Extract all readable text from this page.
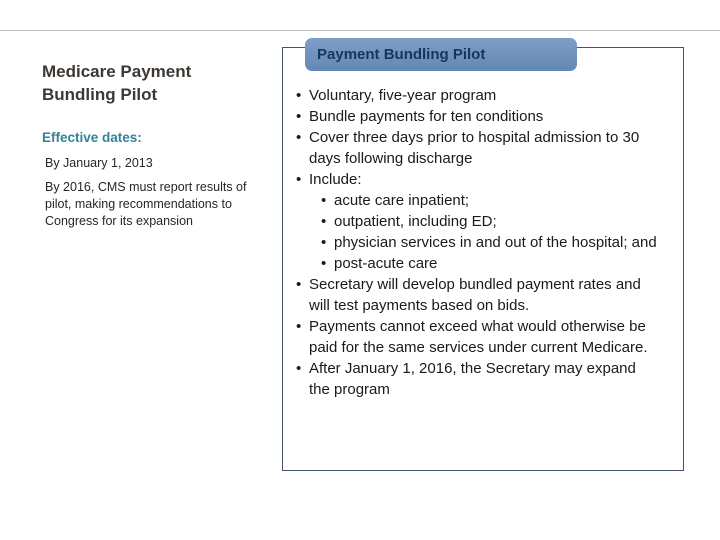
Medicare Payment Bundling Pilot
Effective dates:

By January 1, 2013

By 2016, CMS must report results of pilot, making recommendations to Congress for its expansion

Payment Bundling Pilot
• Voluntary, five-year program
• Bundle payments for ten conditions
• Cover three days prior to hospital admission to 30 days following discharge
• Include:
• acute care inpatient;
• outpatient, including ED;
• physician services in and out of the hospital; and
• post-acute care
• Secretary will develop bundled payment rates and will test payments based on bids.
• Payments cannot exceed what would otherwise be paid for the same services under current Medicare.
• After January 1, 2016, the Secretary may expand the program
